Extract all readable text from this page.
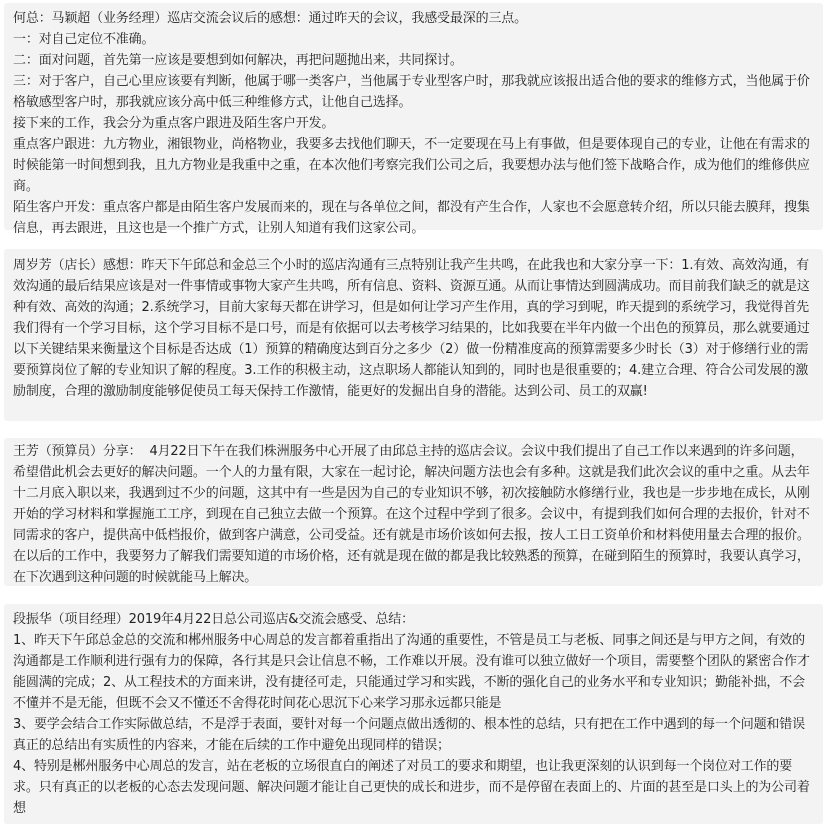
何总：马颖超（业务经理）巡店交流会议后的感想：通过昨天的会议，我感受最深的三点。

一：对自己定位不准确。

二：面对问题，首先第一应该是要想到如何解决，再把问题抛出来，共同探讨。

三：对于客户，自己心里应该要有判断，他属于哪一类客户，当他属于专业型客户时，那我就应该报出适合他的要求的维修方式，当他属于价格敏感型客户时，那我就应该分高中低三种维修方式，让他自己选择。

接下来的工作，我会分为重点客户跟进及陌生客户开发。

重点客户跟进：九方物业，湘银物业，尚格物业，我要多去找他们聊天，不一定要现在马上有事做，但是要体现自己的专业，让他在有需求的时候能第一时间想到我，且九方物业是我重中之重，在本次他们考察完我们公司之后，我要想办法与他们签下战略合作，成为他们的维修供应商。

陌生客户开发：重点客户都是由陌生客户发展而来的，现在与各单位之间，都没有产生合作，人家也不会愿意转介绍，所以只能去膜拜，搜集信息，再去跟进，且这也是一个推广方式，让别人知道有我们这家公司。

周岁芳（店长）感想：昨天下午邱总和金总三个小时的巡店沟通有三点特别让我产生共鸣，在此我也和大家分享一下：1.有效、高效沟通，有效沟通的最后结果应该是对一件事情或事物大家产生共鸣，所有信息、资料、资源互通。从而让事情达到圆满成功。而目前我们缺乏的就是这种有效、高效的沟通；2.系统学习，目前大家每天都在讲学习，但是如何让学习产生作用，真的学习到呢，昨天提到的系统学习，我觉得首先我们得有一个学习目标，这个学习目标不是口号，而是有依据可以去考核学习结果的，比如我要在半年内做一个出色的预算员，那么就要通过以下关键结果来衡量这个目标是否达成（1）预算的精确度达到百分之多少（2）做一份精准度高的预算需要多少时长（3）对于修缮行业的需要预算岗位了解的专业知识了解的程度。3.工作的积极主动，这点职场人都能认知到的，同时也是很重要的；4.建立合理、符合公司发展的激励制度，合理的激励制度能够促使员工每天保持工作激情，能更好的发掘出自身的潜能。达到公司、员工的双赢!

王芳（预算员）分享：  4月22日下午在我们株洲服务中心开展了由邱总主持的巡店会议。会议中我们提出了自己工作以来遇到的许多问题，希望借此机会去更好的解决问题。一个人的力量有限，大家在一起讨论，解决问题方法也会有多种。这就是我们此次会议的重中之重。从去年十二月底入职以来，我遇到过不少的问题，这其中有一些是因为自己的专业知识不够，初次接触防水修缮行业，我也是一步步地在成长，从刚开始的学习材料和掌握施工工序，到现在自己独立去做一个预算。在这个过程中学到了很多。会议中，有提到我们如何合理的去报价，针对不同需求的客户，提供高中低档报价，做到客户满意，公司受益。还有就是市场价该如何去报，按人工日工资单价和材料使用量去合理的报价。在以后的工作中，我要努力了解我们需要知道的市场价格，还有就是现在做的都是我比较熟悉的预算，在碰到陌生的预算时，我要认真学习，在下次遇到这种问题的时候就能马上解决。

段振华（项目经理）2019年4月22日总公司巡店&交流会感受、总结：

1、昨天下午邱总金总的交流和郴州服务中心周总的发言都着重指出了沟通的重要性，不管是员工与老板、同事之间还是与甲方之间，有效的沟通都是工作顺利进行强有力的保障，各行其是只会让信息不畅，工作难以开展。没有谁可以独立做好一个项目，需要整个团队的紧密合作才能圆满的完成；2、从工程技术的方面来讲，没有捷径可走，只能通过学习和实践，不断的强化自己的业务水平和专业知识；勤能补拙，不会不懂并不是无能，但既不会又不懂还不舍得花时间花心思沉下心来学习那永远都只能是

3、要学会结合工作实际做总结，不是浮于表面，要针对每一个问题点做出透彻的、根本性的总结，只有把在工作中遇到的每一个问题和错误真正的总结出有实质性的内容来，才能在后续的工作中避免出现同样的错误；

4、特别是郴州服务中心周总的发言，站在老板的立场很直白的阐述了对员工的要求和期望，也让我更深刻的认识到每一个岗位对工作的要求。只有真正的以老板的心态去发现问题、解决问题才能让自己更快的成长和进步，而不是停留在表面上的、片面的甚至是口头上的为公司着想
